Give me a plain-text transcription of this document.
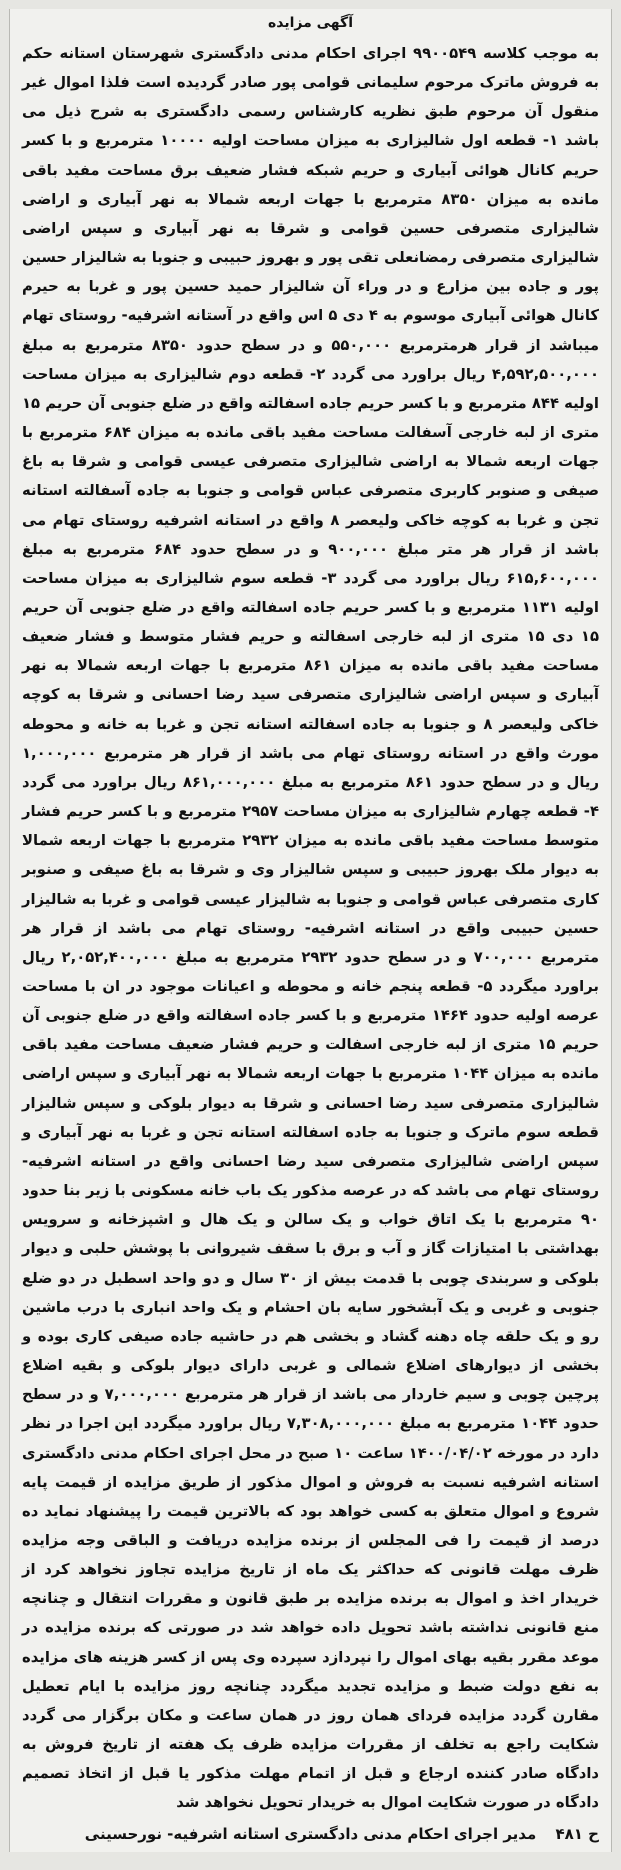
آگهی مزایده

به موجب کلاسه ۹۹۰۰۵۴۹ اجرای احکام مدنی دادگستری شهرستان استانه حکم به فروش ماترک مرحوم سلیمانی قوامی پور صادر گردیده است فلذا اموال غیر منقول آن مرحوم طبق نظریه کارشناس رسمی دادگستری به شرح ذیل می باشد ۱- قطعه اول شالیزاری به میزان مساحت اولیه ۱۰۰۰۰ مترمربع و با کسر حریم کانال هوائی آبیاری و حریم شبکه فشار ضعیف برق مساحت مفید باقی مانده به میزان ۸۳۵۰ مترمربع با جهات اربعه شمالا به نهر آبیاری و اراضی شالیزاری متصرفی حسین قوامی و شرقا به نهر آبیاری و سپس اراضی شالیزاری متصرفی رمضانعلی تقی پور و بهروز حبیبی و جنوبا به شالیزار حسین پور و جاده بین مزارع و در وراء آن شالیزار حمید حسین پور و غربا به حیرم کانال هوائی آبیاری موسوم به ۴ دی ۵ اس واقع در آستانه اشرفیه- روستای تهام میباشد از قرار هرمترمربع ۵۵۰,۰۰۰ و در سطح حدود ۸۳۵۰ مترمربع به مبلغ ۴,۵۹۲,۵۰۰,۰۰۰ ریال براورد می گردد ۲- قطعه دوم شالیزاری به میزان مساحت اولیه ۸۴۴ مترمربع و با کسر حریم جاده اسفالته واقع در ضلع جنوبی آن حریم ۱۵ متری از لبه خارجی آسفالت مساحت مفید باقی مانده به میزان ۶۸۴ مترمربع با جهات اربعه شمالا به اراضی شالیزاری متصرفی عیسی قوامی و شرقا به باغ صیفی و صنوبر کاربری متصرفی عباس قوامی و جنوبا به جاده آسفالته استانه تجن و غربا به کوچه خاکی ولیعصر ۸ واقع در استانه اشرفیه روستای تهام می باشد از قرار هر متر مبلغ ۹۰۰,۰۰۰ و در سطح حدود ۶۸۴ مترمربع به مبلغ ۶۱۵,۶۰۰,۰۰۰ ریال براورد می گردد ۳- قطعه سوم شالیزاری به میزان مساحت اولیه ۱۱۳۱ مترمربع و با کسر حریم جاده اسفالته واقع در ضلع جنوبی آن حریم ۱۵ دی ۱۵ متری از لبه خارجی اسفالته و حریم فشار متوسط و فشار ضعیف مساحت مفید باقی مانده به میزان ۸۶۱ مترمربع با جهات اربعه شمالا به نهر آبیاری و سپس اراضی شالیزاری متصرفی سید رضا احسانی و شرقا به کوچه خاکی ولیعصر ۸ و جنوبا به جاده اسفالته استانه تجن و غربا به خانه و محوطه مورث واقع در استانه روستای تهام می باشد از قرار هر مترمربع ۱,۰۰۰,۰۰۰ ریال و در سطح حدود ۸۶۱ مترمربع به مبلغ ۸۶۱,۰۰۰,۰۰۰ ریال براورد می گردد ۴- قطعه چهارم شالیزاری به میزان مساحت ۲۹۵۷ مترمربع و با کسر حریم فشار متوسط مساحت مفید باقی مانده به میزان ۲۹۳۲ مترمربع با جهات اربعه شمالا به دیوار ملک بهروز حبیبی و سپس شالیزار وی و شرقا به باغ صیفی و صنوبر کاری متصرفی عباس قوامی و جنوبا به شالیزار عیسی قوامی و غربا به شالیزار حسین حبیبی واقع در استانه اشرفیه- روستای تهام می باشد از قرار هر مترمربع ۷۰۰,۰۰۰ و در سطح حدود ۲۹۳۲ مترمربع به مبلغ ۲,۰۵۲,۴۰۰,۰۰۰ ریال براورد میگردد ۵- قطعه پنجم خانه و محوطه و اعیانات موجود در ان با مساحت عرصه اولیه حدود ۱۴۶۴ مترمربع و با کسر جاده اسفالته واقع در ضلع جنوبی آن حریم ۱۵ متری از لبه خارجی اسفالت و حریم فشار ضعیف مساحت مفید باقی مانده به میزان ۱۰۴۴ مترمربع با جهات اربعه شمالا به نهر آبیاری و سپس اراضی شالیزاری متصرفی سید رضا احسانی و شرقا به دیوار بلوکی و سپس شالیزار قطعه سوم ماترک و جنوبا به جاده اسفالته استانه تجن و غربا به نهر آبیاری و سپس اراضی شالیزاری متصرفی سید رضا احسانی واقع در استانه اشرفیه- روستای تهام می باشد که در عرصه مذکور یک باب خانه مسکونی با زیر بنا حدود ۹۰ مترمربع با یک اتاق خواب و یک سالن و یک هال و اشپزخانه و سرویس بهداشتی با امتیازات گاز و آب و برق با سقف شیروانی با پوشش حلبی و دیوار بلوکی و سربندی چوبی با قدمت بیش از ۳۰ سال و دو واحد اسطبل در دو ضلع جنوبی و غربی و یک آبشخور سایه بان احشام و یک واحد انباری با درب ماشین رو و یک حلقه چاه دهنه گشاد و بخشی هم در حاشیه جاده صیفی کاری بوده و بخشی از دیوارهای اضلاع شمالی و غربی دارای دیوار بلوکی و بقیه اضلاع پرچین چوبی و سیم خاردار می باشد از قرار هر مترمربع ۷,۰۰۰,۰۰۰ و در سطح حدود ۱۰۴۴ مترمربع به مبلغ ۷,۳۰۸,۰۰۰,۰۰۰ ریال براورد میگردد این اجرا در نظر دارد در مورخه ۱۴۰۰/۰۴/۰۲ ساعت ۱۰ صبح در محل اجرای احکام مدنی دادگستری استانه اشرفیه نسبت به فروش و اموال مذکور از طریق مزایده از قیمت پایه شروع و اموال متعلق به کسی خواهد بود که بالاترین قیمت را پیشنهاد نماید ده درصد از قیمت را فی المجلس از برنده مزایده دریافت و الباقی وجه مزایده ظرف مهلت قانونی که حداکثر یک ماه از تاریخ مزایده تجاوز نخواهد کرد از خریدار اخذ و اموال به برنده مزایده بر طبق قانون و مقررات انتقال و چنانچه منع قانونی نداشته باشد تحویل داده خواهد شد در صورتی که برنده مزایده در موعد مقرر بقیه بهای اموال را نپردازد سپرده وی پس از کسر هزینه های مزایده به نفع دولت ضبط و مزایده تجدید میگردد چنانچه روز مزایده با ایام تعطیل مقارن گردد مزایده فردای همان روز در همان ساعت و مکان برگزار می گردد شکایت راجع به تخلف از مقررات مزایده ظرف یک هفته از تاریخ فروش به دادگاه صادر کننده ارجاع و قبل از اتمام مهلت مذکور یا قبل از اتخاذ تصمیم دادگاه در صورت شکایت اموال به خریدار تحویل نخواهد شد

ح ۴۸۱ مدیر اجرای احکام مدنی دادگستری استانه اشرفیه- نورحسینی
